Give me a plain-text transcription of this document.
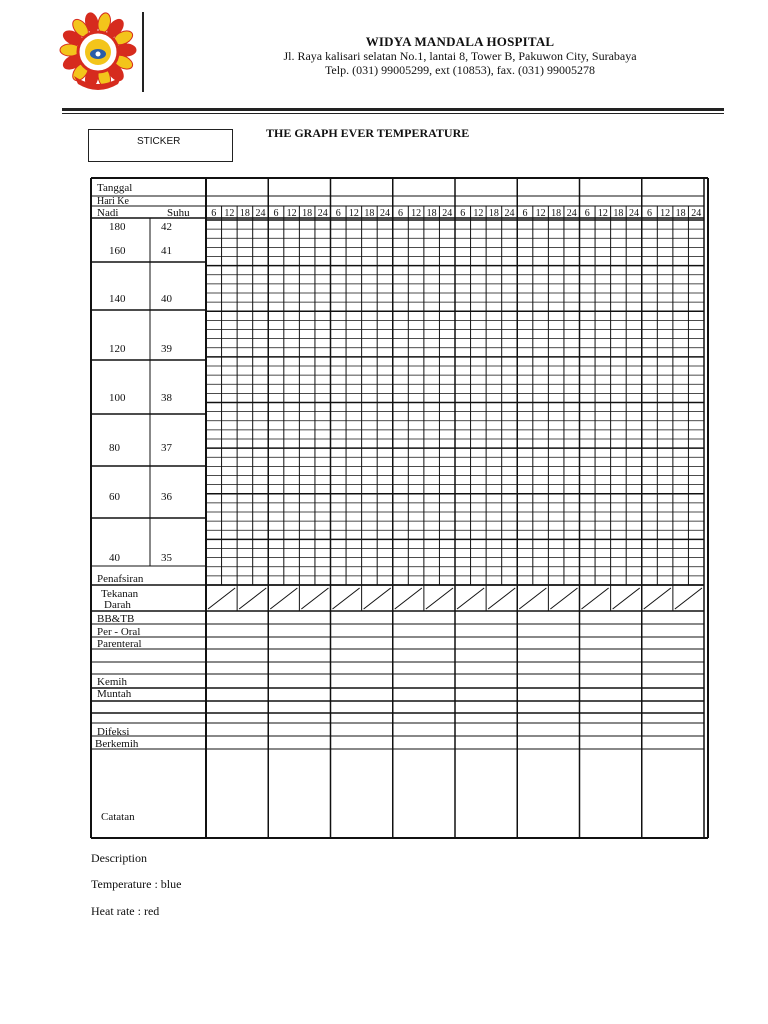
WIDYA MANDALA HOSPITAL
Jl. Raya kalisari selatan No.1, lantai 8, Tower B, Pakuwon City, Surabaya
Telp. (031) 99005299, ext (10853), fax. (031) 99005278
STICKER
THE GRAPH EVER TEMPERATURE
Tanggal
Hari Ke
Nadi	Suhu 6 12 18 24 6 12 18 24 6 12 18 24 6 12 18 24 6 12 18 24 6 12 18 24 6 12 18 24 6 12 18 24
180	42
160	41
140	40
120	39
100	38
80	37
60	36
40	35
Penafsiran
Tekanan
Darah
BB&TB
Per - Oral
Parenteral
Kemih
Muntah
Difeksi
Berkemih
Catatan
Description
Temperature : blue
Heat rate : red
